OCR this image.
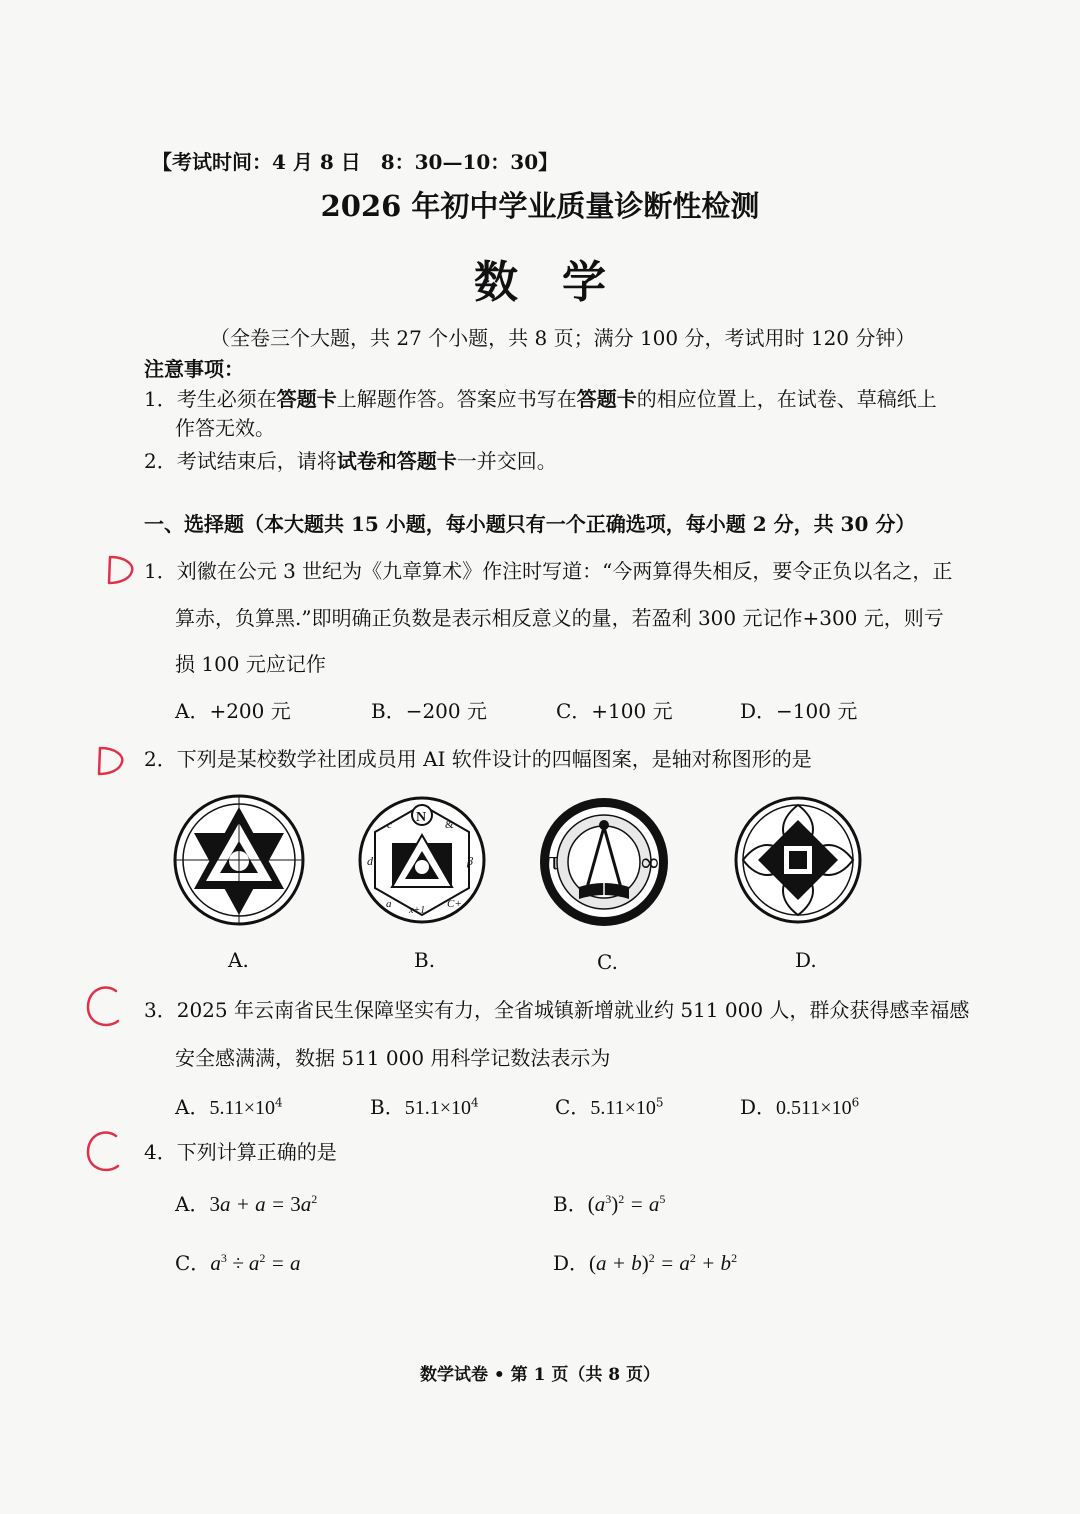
【考试时间：4 月 8 日　8：30—10：30】
2026 年初中学业质量诊断性检测
数　学
（全卷三个大题，共 27 个小题，共 8 页；满分 100 分，考试用时 120 分钟）
注意事项：
1．考生必须在答题卡上解题作答。答案应书写在答题卡的相应位置上，在试卷、草稿纸上
作答无效。
2．考试结束后，请将试卷和答题卡一并交回。
一、选择题（本大题共 15 小题，每小题只有一个正确选项，每小题 2 分，共 30 分）
1．刘徽在公元 3 世纪为《九章算术》作注时写道：“今两算得失相反，要令正负以名之，正
算赤，负算黑.”即明确正负数是表示相反意义的量，若盈利 300 元记作+300 元，则亏
损 100 元应记作
A．+200 元	B．−200 元	C．+100 元	D．−100 元
2．下列是某校数学社团成员用 AI 软件设计的四幅图案，是轴对称图形的是
N
c	&
d	β
a
x+1
C+
π	∞
A.	B.	C.	D.
3．2025 年云南省民生保障坚实有力，全省城镇新增就业约 511 000 人，群众获得感幸福感
安全感满满，数据 511 000 用科学记数法表示为
A．$5.11\times 10^4$	B．$51.1\times 10^4$	C．$5.11\times 10^5$	D．$0.511\times 10^6$
4．下列计算正确的是
A．$3a + a = 3a^2$	B．$(a^3)^2 = a^5$
C．$a^3 \div a^2 = a$	D．$(a + b)^2 = a^2 + b^2$
数学试卷 • 第 1 页（共 8 页）
